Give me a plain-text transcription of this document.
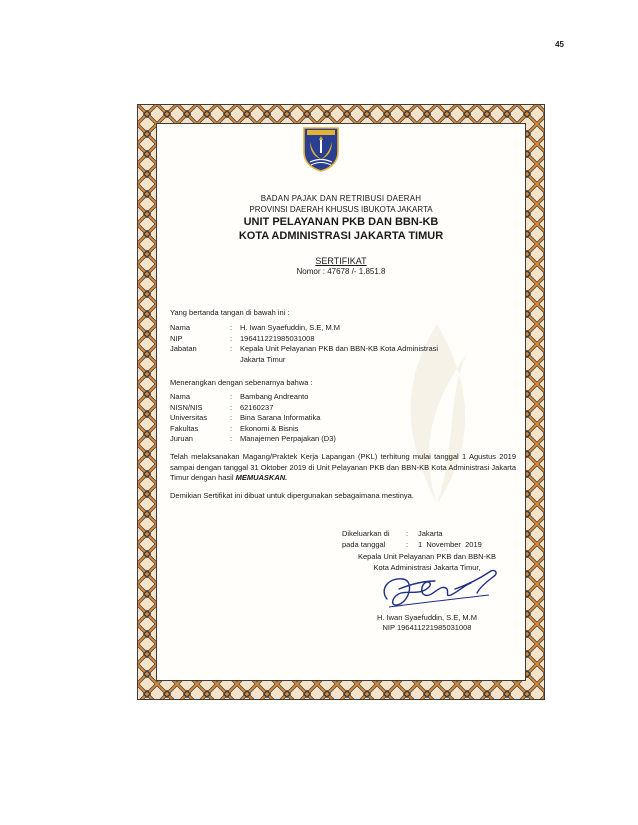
45
BADAN PAJAK DAN RETRIBUSI DAERAH
PROVINSI DAERAH KHUSUS IBUKOTA JAKARTA
UNIT PELAYANAN PKB DAN BBN-KB
KOTA ADMINISTRASI JAKARTA TIMUR
SERTIFIKAT
Nomor : 47678 /- 1.851.8
Yang bertanda tangan di bawah ini :
Nama	:	H. Iwan Syaefuddin, S.E, M.M
NIP	:	196411221985031008
Jabatan	:	Kepala Unit Pelayanan PKB dan BBN-KB Kota Administrasi
Jakarta Timur
Menerangkan dengan sebenarnya bahwa :
Nama	:	Bambang Andreanto
NISN/NIS	:	62160237
Universitas	:	Bina Sarana Informatika
Fakultas	:	Ekonomi & Bisnis
Juruan	:	Manajemen Perpajakan (D3)
Telah melaksanakan Magang/Praktek Kerja Lapangan (PKL) terhitung mulai tanggal 1 Agustus 2019 sampai dengan tanggal 31 Oktober 2019 di Unit Pelayanan PKB dan BBN-KB Kota Administrasi Jakarta Timur dengan hasil MEMUASKAN.
Demikian Sertifikat ini dibuat untuk dipergunakan sebagaimana mestinya.
Dikeluarkan di	:	Jakarta
pada tanggal	:	1  November  2019
Kepala Unit Pelayanan PKB dan BBN-KB
Kota Administrasi Jakarta Timur,
H. Iwan Syaefuddin, S.E, M.M
NIP 196411221985031008
